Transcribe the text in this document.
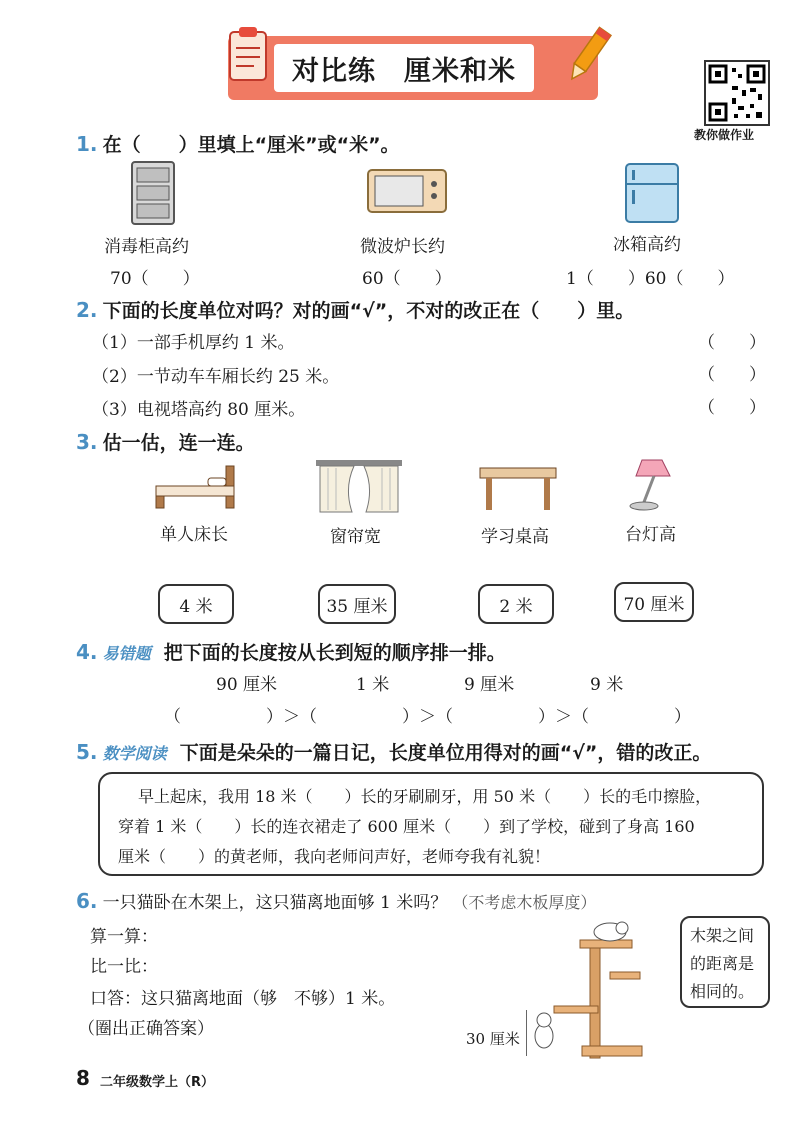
对比练　厘米和米
教你做作业
1. 在（　　）里填上“厘米”或“米”。
消毒柜高约	微波炉长约	冰箱高约
70（　　）	60（　　）	1（　　）60（　　）
2. 下面的长度单位对吗？对的画“√”，不对的改正在（　　）里。
（1）一部手机厚约 1 米。	（　　）
（2）一节动车车厢长约 25 米。	（　　）
（3）电视塔高约 80 厘米。	（　　）
3. 估一估，连一连。
单人床长	窗帘宽	学习桌高	台灯高
4 米	35 厘米	2 米	70 厘米
4. 易错题 把下面的长度按从长到短的顺序排一排。
90 厘米	1 米	9 厘米	9 米
（　　　　　）＞（　　　　　）＞（　　　　　）＞（　　　　　）
5. 数学阅读 下面是朵朵的一篇日记，长度单位用得对的画“√”，错的改正。
早上起床，我用 18 米（　　）长的牙刷刷牙，用 50 米（　　）长的毛巾擦脸，
穿着 1 米（　　）长的连衣裙走了 600 厘米（　　）到了学校，碰到了身高 160
厘米（　　）的黄老师，我向老师问声好，老师夸我有礼貌！
6. 一只猫卧在木架上，这只猫离地面够 1 米吗？ （不考虑木板厚度）
算一算：
比一比：
口答：这只猫离地面（够　不够）1 米。
（圈出正确答案）	30 厘米
木架之间
的距离是
相同的。
8 二年级数学上（R）
